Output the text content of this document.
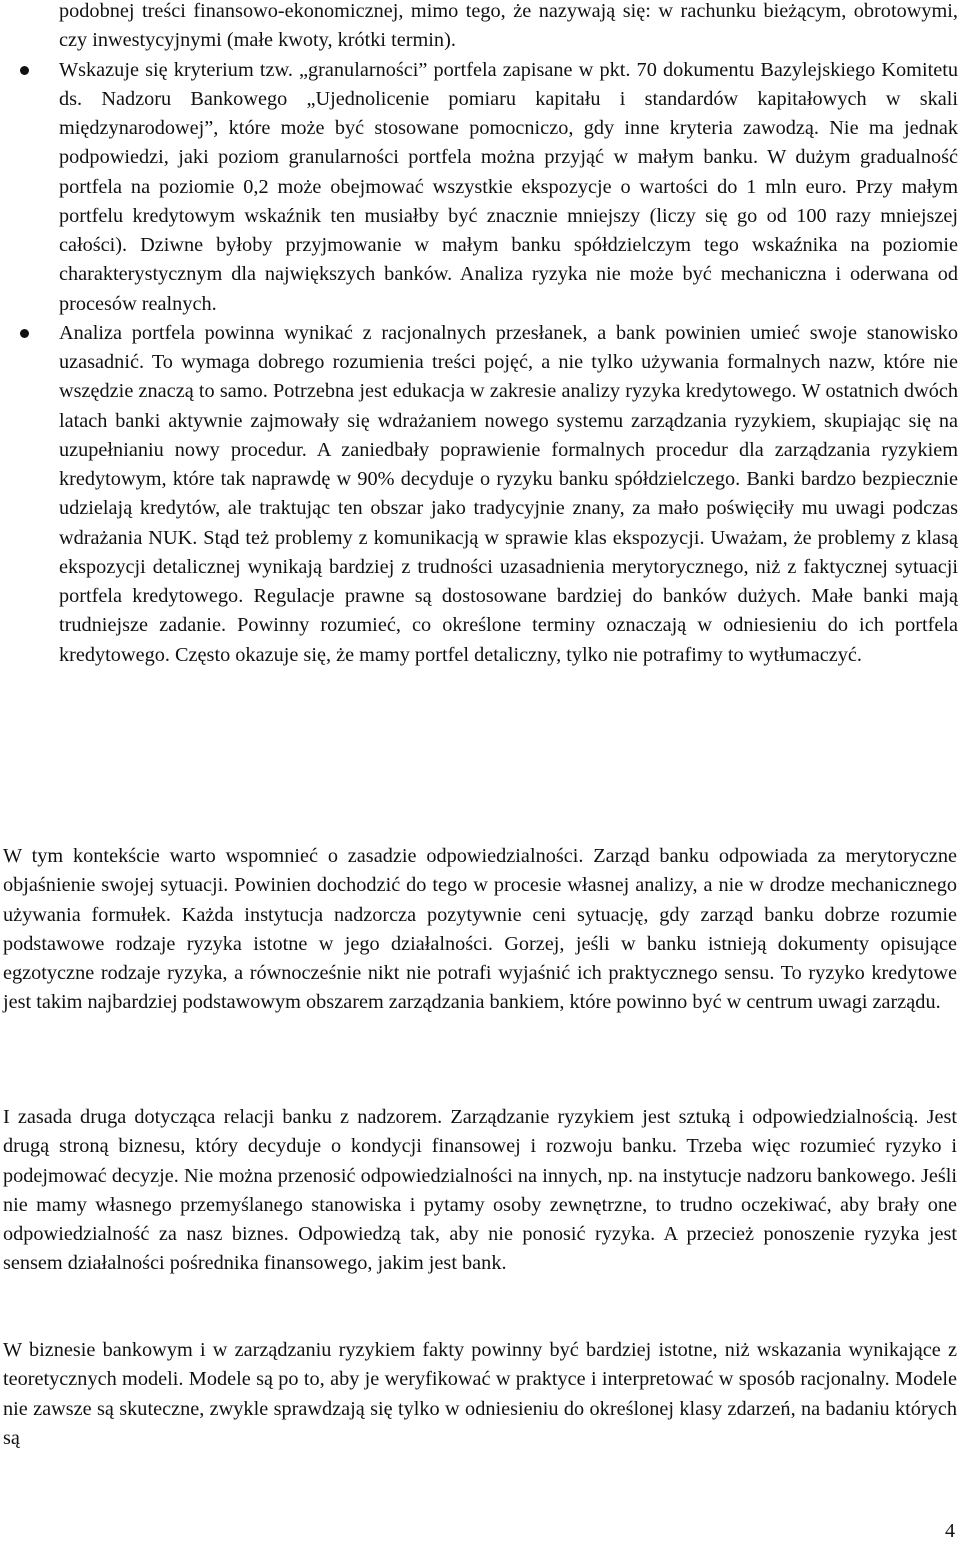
podobnej treści finansowo-ekonomicznej, mimo tego, że nazywają się: w rachunku bieżącym, obrotowymi, czy inwestycyjnymi (małe kwoty, krótki termin).

Wskazuje się kryterium tzw. „granularności” portfela zapisane w pkt. 70 dokumentu Bazylejskiego Komitetu ds. Nadzoru Bankowego „Ujednolicenie pomiaru kapitału i standardów kapitałowych w skali międzynarodowej”, które może być stosowane pomocniczo, gdy inne kryteria zawodzą. Nie ma jednak podpowiedzi, jaki poziom granularności portfela można przyjąć w małym banku. W dużym gradualność portfela na poziomie 0,2 może obejmować wszystkie ekspozycje o wartości do 1 mln euro. Przy małym portfelu kredytowym wskaźnik ten musiałby być znacznie mniejszy (liczy się go od 100 razy mniejszej całości). Dziwne byłoby przyjmowanie w małym banku spółdzielczym tego wskaźnika na poziomie charakterystycznym dla największych banków. Analiza ryzyka nie może być mechaniczna i oderwana od procesów realnych.

Analiza portfela powinna wynikać z racjonalnych przesłanek, a bank powinien umieć swoje stanowisko uzasadnić. To wymaga dobrego rozumienia treści pojęć, a nie tylko używania formalnych nazw, które nie wszędzie znaczą to samo. Potrzebna jest edukacja w zakresie analizy ryzyka kredytowego. W ostatnich dwóch latach banki aktywnie zajmowały się wdrażaniem nowego systemu zarządzania ryzykiem, skupiając się na uzupełnianiu nowy procedur. A zaniedbały poprawienie formalnych procedur dla zarządzania ryzykiem kredytowym, które tak naprawdę w 90% decyduje o ryzyku banku spółdzielczego. Banki bardzo bezpiecznie udzielają kredytów, ale traktując ten obszar jako tradycyjnie znany, za mało poświęciły mu uwagi podczas wdrażania NUK. Stąd też problemy z komunikacją w sprawie klas ekspozycji. Uważam, że problemy z klasą ekspozycji detalicznej wynikają bardziej z trudności uzasadnienia merytorycznego, niż z faktycznej sytuacji portfela kredytowego. Regulacje prawne są dostosowane bardziej do banków dużych. Małe banki mają trudniejsze zadanie. Powinny rozumieć, co określone terminy oznaczają w odniesieniu do ich portfela kredytowego. Często okazuje się, że mamy portfel detaliczny, tylko nie potrafimy to wytłumaczyć.

W tym kontekście warto wspomnieć o zasadzie odpowiedzialności. Zarząd banku odpowiada za merytoryczne objaśnienie swojej sytuacji. Powinien dochodzić do tego w procesie własnej analizy, a nie w drodze mechanicznego używania formułek. Każda instytucja nadzorcza pozytywnie ceni sytuację, gdy zarząd banku dobrze rozumie podstawowe rodzaje ryzyka istotne w jego działalności. Gorzej, jeśli w banku istnieją dokumenty opisujące egzotyczne rodzaje ryzyka, a równocześnie nikt nie potrafi wyjaśnić ich praktycznego sensu. To ryzyko kredytowe jest takim najbardziej podstawowym obszarem zarządzania bankiem, które powinno być w centrum uwagi zarządu.

I zasada druga dotycząca relacji banku z nadzorem. Zarządzanie ryzykiem jest sztuką i odpowiedzialnością. Jest drugą stroną biznesu, który decyduje o kondycji finansowej i rozwoju banku. Trzeba więc rozumieć ryzyko i podejmować decyzje. Nie można przenosić odpowiedzialności na innych, np. na instytucje nadzoru bankowego. Jeśli nie mamy własnego przemyślanego stanowiska i pytamy osoby zewnętrzne, to trudno oczekiwać, aby brały one odpowiedzialność za nasz biznes. Odpowiedzą tak, aby nie ponosić ryzyka. A przecież ponoszenie ryzyka jest sensem działalności pośrednika finansowego, jakim jest bank.

W biznesie bankowym i w zarządzaniu ryzykiem fakty powinny być bardziej istotne, niż wskazania wynikające z teoretycznych modeli. Modele są po to, aby je weryfikować w praktyce i interpretować w sposób racjonalny. Modele nie zawsze są skuteczne, zwykle sprawdzają się tylko w odniesieniu do określonej klasy zdarzeń, na badaniu których są

4
